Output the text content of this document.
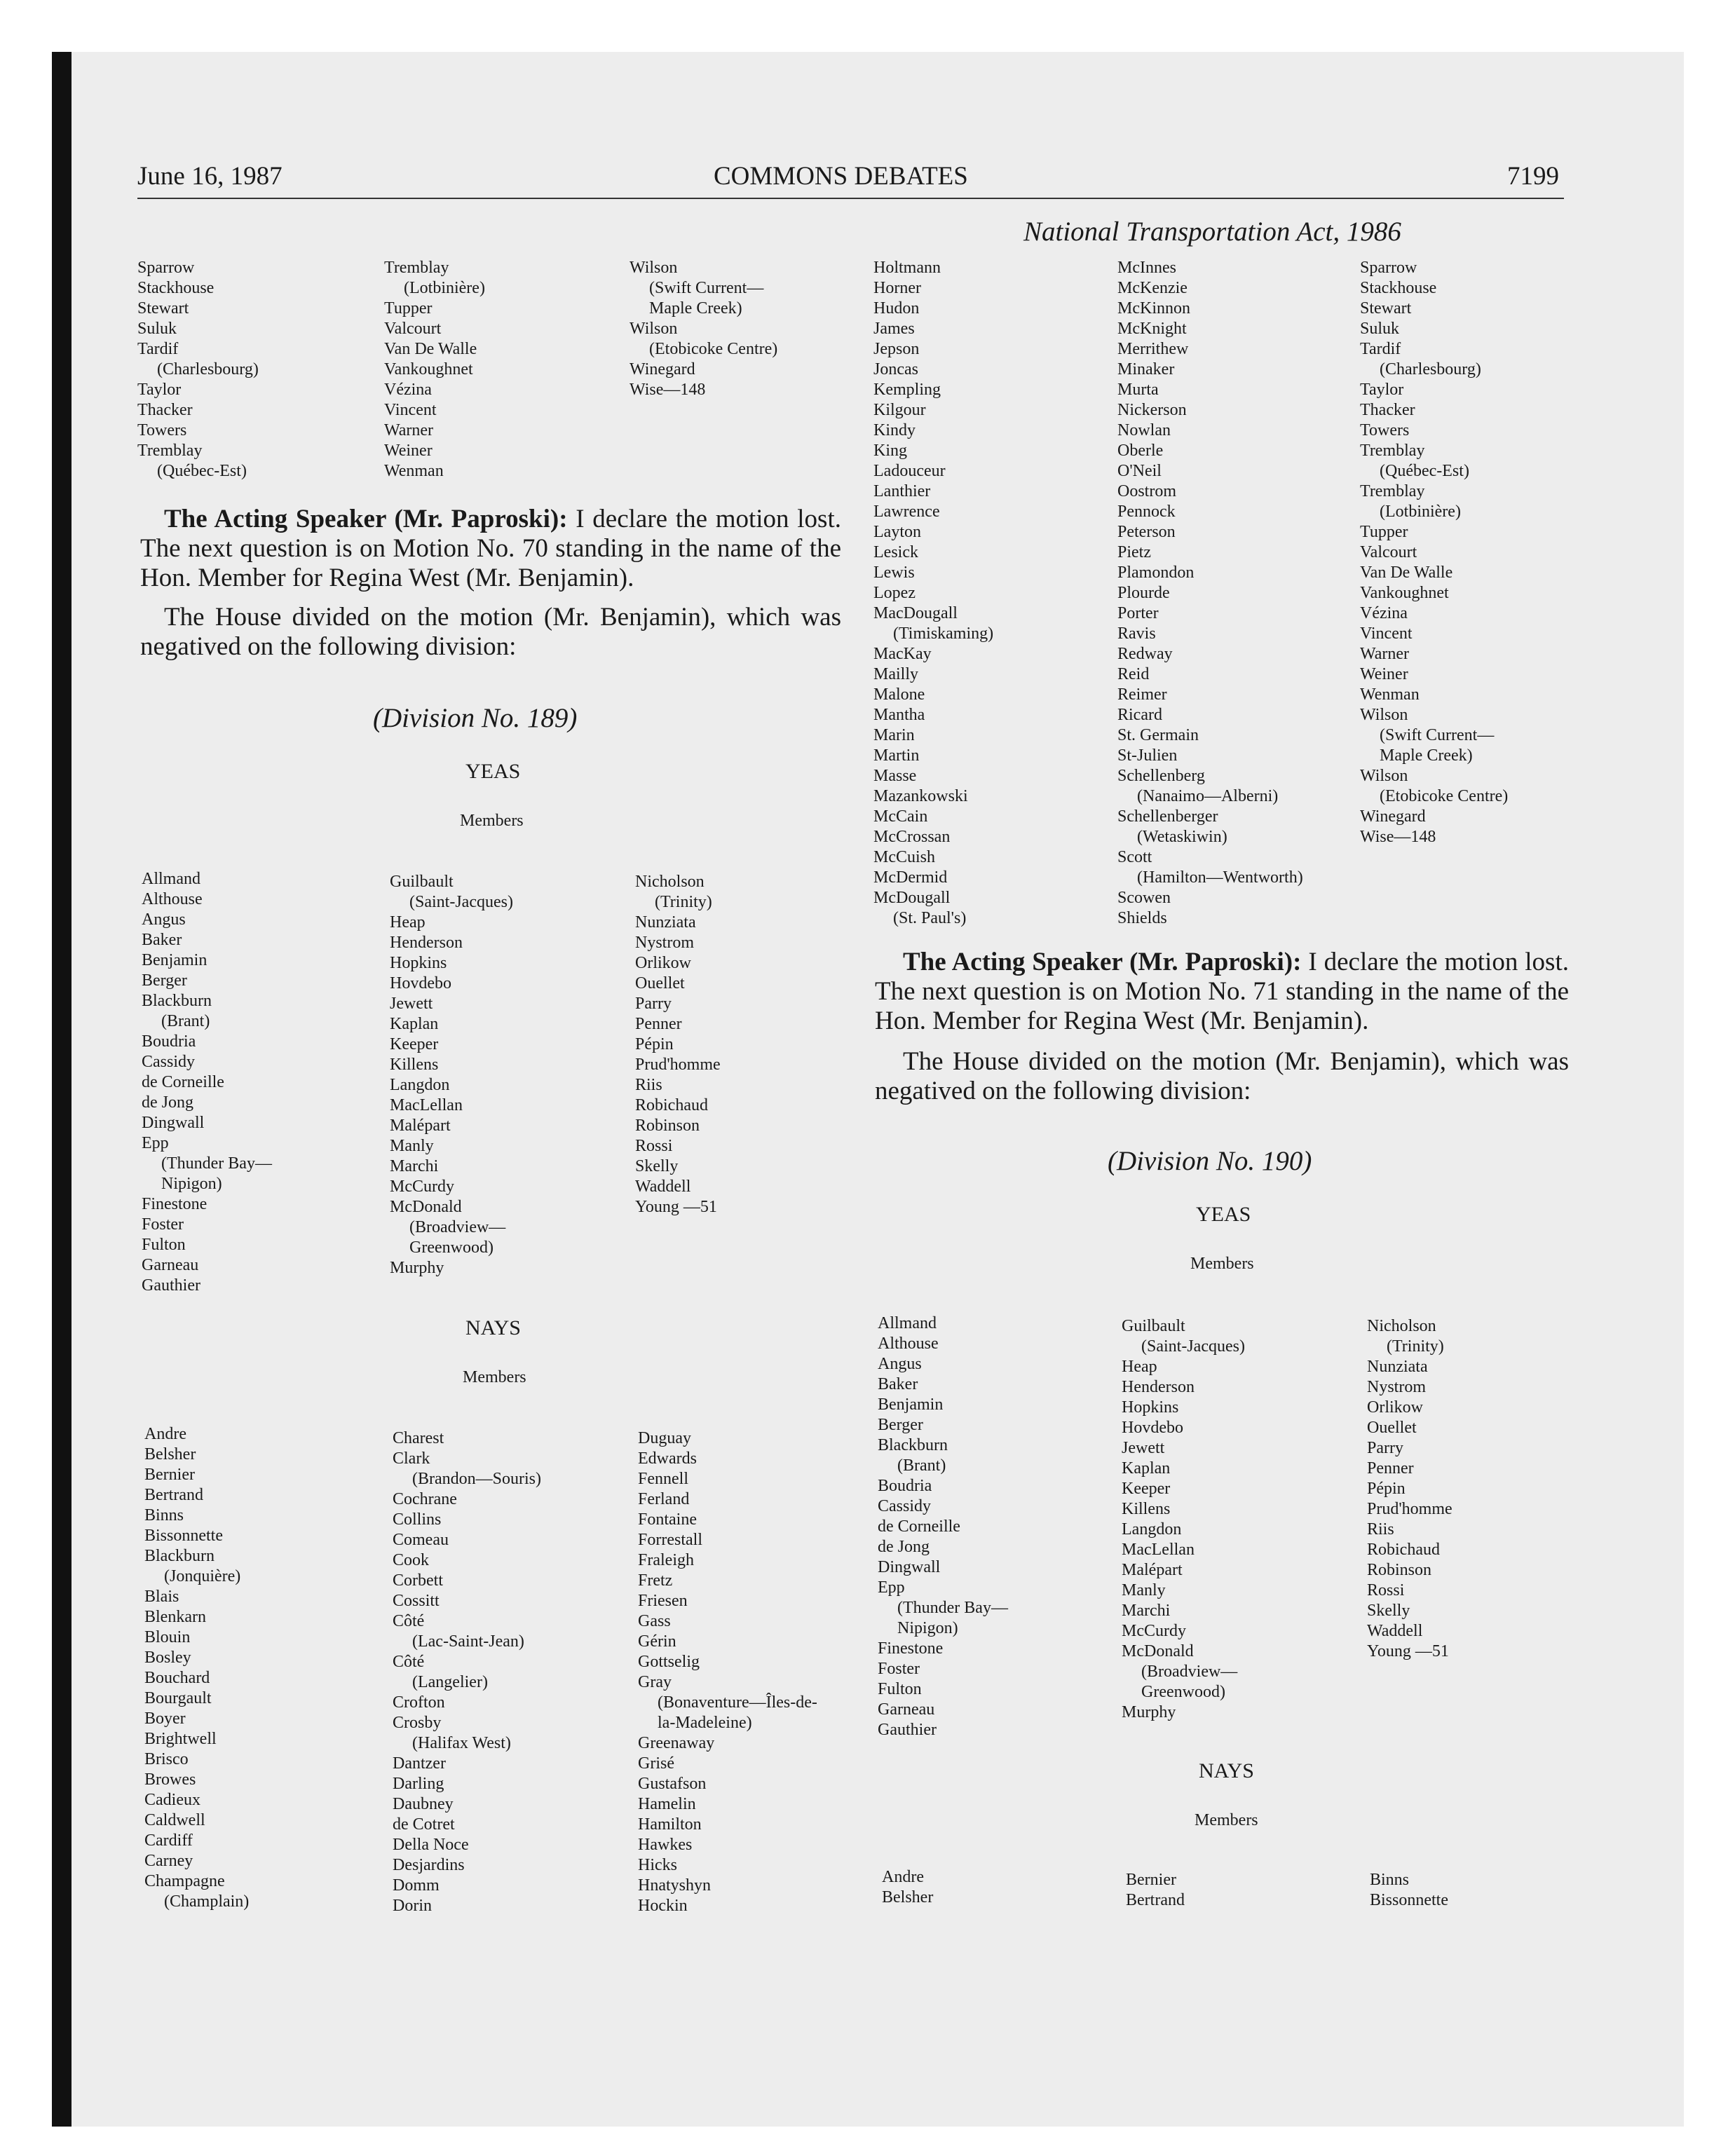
June 16, 1987	COMMONS DEBATES	7199
National Transportation Act, 1986
Sparrow
Stackhouse
Stewart
Suluk
Tardif
(Charlesbourg)
Taylor
Thacker
Towers
Tremblay
(Québec-Est)
Tremblay
(Lotbinière)
Tupper
Valcourt
Van De Walle
Vankoughnet
Vézina
Vincent
Warner
Weiner
Wenman
Wilson
(Swift Current—
Maple Creek)
Wilson
(Etobicoke Centre)
Winegard
Wise—148
The Acting Speaker (Mr. Paproski): I declare the motion lost. The next question is on Motion No. 70 standing in the name of the Hon. Member for Regina West (Mr. Benjamin).
The House divided on the motion (Mr. Benjamin), which was negatived on the following division:
(Division No. 189)
YEAS
Members
Allmand
Althouse
Angus
Baker
Benjamin
Berger
Blackburn
(Brant)
Boudria
Cassidy
de Corneille
de Jong
Dingwall
Epp
(Thunder Bay—
Nipigon)
Finestone
Foster
Fulton
Garneau
Gauthier
Guilbault
(Saint-Jacques)
Heap
Henderson
Hopkins
Hovdebo
Jewett
Kaplan
Keeper
Killens
Langdon
MacLellan
Malépart
Manly
Marchi
McCurdy
McDonald
(Broadview—
Greenwood)
Murphy
Nicholson
(Trinity)
Nunziata
Nystrom
Orlikow
Ouellet
Parry
Penner
Pépin
Prud'homme
Riis
Robichaud
Robinson
Rossi
Skelly
Waddell
Young —51
NAYS
Members
Andre
Belsher
Bernier
Bertrand
Binns
Bissonnette
Blackburn
(Jonquière)
Blais
Blenkarn
Blouin
Bosley
Bouchard
Bourgault
Boyer
Brightwell
Brisco
Browes
Cadieux
Caldwell
Cardiff
Carney
Champagne
(Champlain)
Charest
Clark
(Brandon—Souris)
Cochrane
Collins
Comeau
Cook
Corbett
Cossitt
Côté
(Lac-Saint-Jean)
Côté
(Langelier)
Crofton
Crosby
(Halifax West)
Dantzer
Darling
Daubney
de Cotret
Della Noce
Desjardins
Domm
Dorin
Duguay
Edwards
Fennell
Ferland
Fontaine
Forrestall
Fraleigh
Fretz
Friesen
Gass
Gérin
Gottselig
Gray
(Bonaventure—Îles-de-
la-Madeleine)
Greenaway
Grisé
Gustafson
Hamelin
Hamilton
Hawkes
Hicks
Hnatyshyn
Hockin
Holtmann
Horner
Hudon
James
Jepson
Joncas
Kempling
Kilgour
Kindy
King
Ladouceur
Lanthier
Lawrence
Layton
Lesick
Lewis
Lopez
MacDougall
(Timiskaming)
MacKay
Mailly
Malone
Mantha
Marin
Martin
Masse
Mazankowski
McCain
McCrossan
McCuish
McDermid
McDougall
(St. Paul's)
McInnes
McKenzie
McKinnon
McKnight
Merrithew
Minaker
Murta
Nickerson
Nowlan
Oberle
O'Neil
Oostrom
Pennock
Peterson
Pietz
Plamondon
Plourde
Porter
Ravis
Redway
Reid
Reimer
Ricard
St. Germain
St-Julien
Schellenberg
(Nanaimo—Alberni)
Schellenberger
(Wetaskiwin)
Scott
(Hamilton—Wentworth)
Scowen
Shields
Sparrow
Stackhouse
Stewart
Suluk
Tardif
(Charlesbourg)
Taylor
Thacker
Towers
Tremblay
(Québec-Est)
Tremblay
(Lotbinière)
Tupper
Valcourt
Van De Walle
Vankoughnet
Vézina
Vincent
Warner
Weiner
Wenman
Wilson
(Swift Current—
Maple Creek)
Wilson
(Etobicoke Centre)
Winegard
Wise—148
The Acting Speaker (Mr. Paproski): I declare the motion lost. The next question is on Motion No. 71 standing in the name of the Hon. Member for Regina West (Mr. Benjamin).
The House divided on the motion (Mr. Benjamin), which was negatived on the following division:
(Division No. 190)
YEAS
Members
Allmand
Althouse
Angus
Baker
Benjamin
Berger
Blackburn
(Brant)
Boudria
Cassidy
de Corneille
de Jong
Dingwall
Epp
(Thunder Bay—
Nipigon)
Finestone
Foster
Fulton
Garneau
Gauthier
Guilbault
(Saint-Jacques)
Heap
Henderson
Hopkins
Hovdebo
Jewett
Kaplan
Keeper
Killens
Langdon
MacLellan
Malépart
Manly
Marchi
McCurdy
McDonald
(Broadview—
Greenwood)
Murphy
Nicholson
(Trinity)
Nunziata
Nystrom
Orlikow
Ouellet
Parry
Penner
Pépin
Prud'homme
Riis
Robichaud
Robinson
Rossi
Skelly
Waddell
Young —51
NAYS
Members
Andre
Belsher
Bernier
Bertrand
Binns
Bissonnette
